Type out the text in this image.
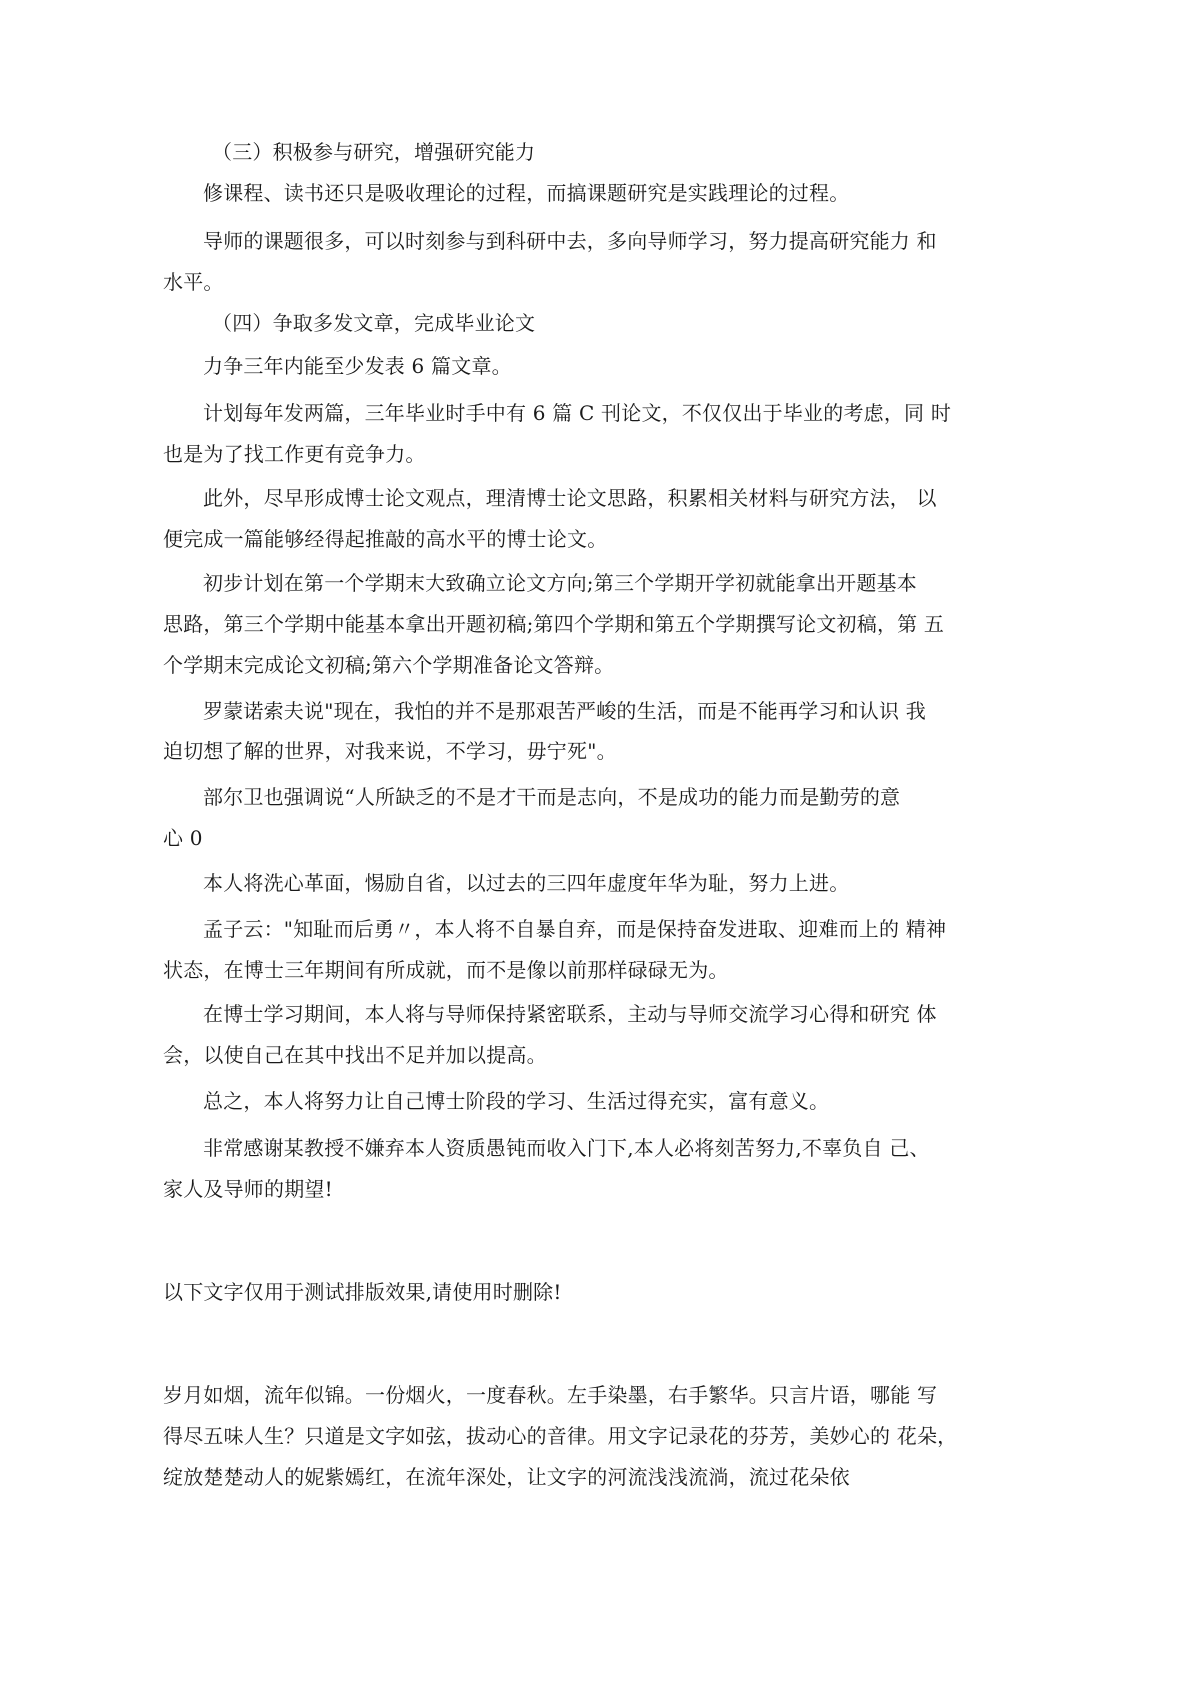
（三）积极参与研究，增强研究能力

修课程、读书还只是吸收理论的过程，而搞课题研究是实践理论的过程。

导师的课题很多，可以时刻参与到科研中去，多向导师学习，努力提高研究能力 和

水平。

（四）争取多发文章，完成毕业论文

力争三年内能至少发表 6 篇文章。

计划每年发两篇，三年毕业时手中有 6 篇 C 刊论文，不仅仅出于毕业的考虑，同 时

也是为了找工作更有竞争力。

此外，尽早形成博士论文观点，理清博士论文思路，积累相关材料与研究方法， 以

便完成一篇能够经得起推敲的高水平的博士论文。

初步计划在第一个学期末大致确立论文方向;第三个学期开学初就能拿出开题基本

思路，第三个学期中能基本拿出开题初稿;第四个学期和第五个学期撰写论文初稿，第 五

个学期末完成论文初稿;第六个学期准备论文答辩。

罗蒙诺索夫说"现在，我怕的并不是那艰苦严峻的生活，而是不能再学习和认识 我

迫切想了解的世界，对我来说，不学习，毋宁死"。

部尔卫也强调说“人所缺乏的不是才干而是志向，不是成功的能力而是勤劳的意

心 0

本人将洗心革面，惕励自省，以过去的三四年虚度年华为耻，努力上进。

孟子云："知耻而后勇〃，本人将不自暴自弃，而是保持奋发进取、迎难而上的 精神

状态，在博士三年期间有所成就，而不是像以前那样碌碌无为。

在博士学习期间，本人将与导师保持紧密联系，主动与导师交流学习心得和研究 体

会，以使自己在其中找出不足并加以提高。

总之，本人将努力让自己博士阶段的学习、生活过得充实，富有意义。

非常感谢某教授不嫌弃本人资质愚钝而收入门下,本人必将刻苦努力,不辜负自 己、

家人及导师的期望!

以下文字仅用于测试排版效果,请使用时删除!

岁月如烟，流年似锦。一份烟火，一度春秋。左手染墨，右手繁华。只言片语，哪能 写

得尽五味人生？只道是文字如弦，拔动心的音律。用文字记录花的芬芳，美妙心的 花朵，

绽放楚楚动人的妮紫嫣红，在流年深处，让文字的河流浅浅流淌，流过花朵依
